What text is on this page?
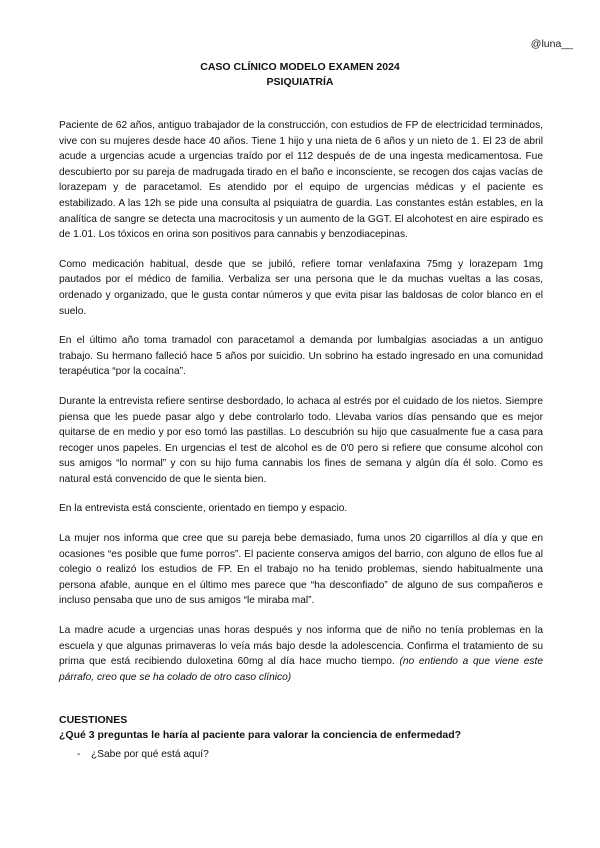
@luna__
CASO CLÍNICO MODELO EXAMEN 2024
PSIQUIATRÍA

Paciente de 62 años, antiguo trabajador de la construcción, con estudios de FP de electricidad terminados, vive con su mujeres desde hace 40 años. Tiene 1 hijo y una nieta de 6 años y un nieto de 1. El 23 de abril acude a urgencias acude a urgencias traído por el 112 después de de una ingesta medicamentosa. Fue descubierto por su pareja de madrugada tirado en el baño e inconsciente, se recogen dos cajas vacías de lorazepam y de paracetamol. Es atendido por el equipo de urgencias médicas y el paciente es estabilizado. A las 12h se pide una consulta al psiquiatra de guardia. Las constantes están estables, en la analítica de sangre se detecta una macrocitosis y un aumento de la GGT. El alcohotest en aire espirado es de 1.01. Los tóxicos en orina son positivos para cannabis y benzodiacepinas.

Como medicación habitual, desde que se jubiló, refiere tomar venlafaxina 75mg y lorazepam 1mg pautados por el médico de familia. Verbaliza ser una persona que le da muchas vueltas a las cosas, ordenado y organizado, que le gusta contar números y que evita pisar las baldosas de color blanco en el suelo.

En el último año toma tramadol con paracetamol a demanda por lumbalgias asociadas a un antiguo trabajo. Su hermano falleció hace 5 años por suicidio. Un sobrino ha estado ingresado en una comunidad terapéutica “por la cocaína”.

Durante la entrevista refiere sentirse desbordado, lo achaca al estrés por el cuidado de los nietos. Siempre piensa que les puede pasar algo y debe controlarlo todo. Llevaba varios días pensando que es mejor quitarse de en medio y por eso tomó las pastillas. Lo descubrión su hijo que casualmente fue a casa para recoger unos papeles. En urgencias el test de alcohol es de 0'0 pero si refiere que consume alcohol con sus amigos “lo normal” y con su hijo fuma cannabis los fines de semana y algún día él solo. Como es natural está convencido de que le sienta bien.

En la entrevista está consciente, orientado en tiempo y espacio.

La mujer nos informa que cree que su pareja bebe demasiado, fuma unos 20 cigarrillos al día y que en ocasiones “es posible que fume porros”. El paciente conserva amigos del barrio, con alguno de ellos fue al colegio o realizó los estudios de FP. En el trabajo no ha tenido problemas, siendo habitualmente una persona afable, aunque en el último mes parece que “ha desconfiado” de alguno de sus compañeros e incluso pensaba que uno de sus amigos “le miraba mal”.

La madre acude a urgencias unas horas después y nos informa que de niño no tenía problemas en la escuela y que algunas primaveras lo veía más bajo desde la adolescencia. Confirma el tratamiento de su prima que está recibiendo duloxetina 60mg al día hace mucho tiempo. (no entiendo a que viene este párrafo, creo que se ha colado de otro caso clínico)

CUESTIONES
¿Qué 3 preguntas le haría al paciente para valorar la conciencia de enfermedad?
- ¿Sabe por qué está aquí?
